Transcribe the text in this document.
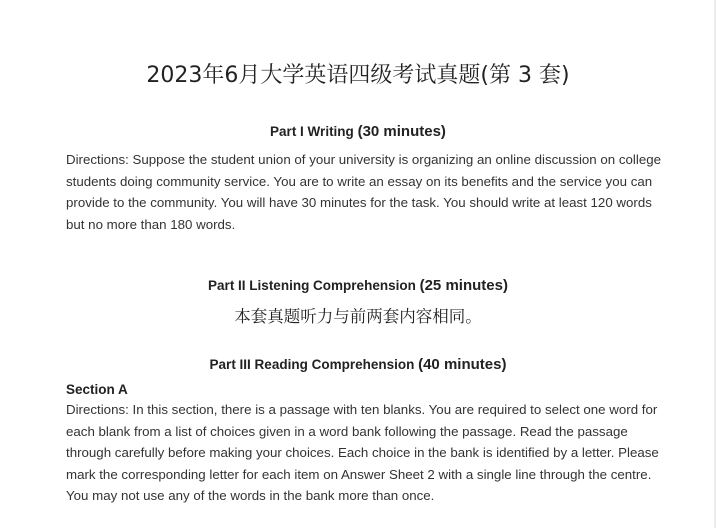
2023年6月大学英语四级考试真题(第 3 套)
Part I Writing (30 minutes)

Directions: Suppose the student union of your university is organizing an online discussion on college students doing community service. You are to write an essay on its benefits and the service you can provide to the community. You will have 30 minutes for the task. You should write at least 120 words but no more than 180 words.

Part II Listening Comprehension (25 minutes)

本套真题听力与前两套内容相同。

Part III Reading Comprehension (40 minutes)

Section A

Directions: In this section, there is a passage with ten blanks. You are required to select one word for each blank from a list of choices given in a word bank following the passage. Read the passage through carefully before making your choices. Each choice in the bank is identified by a letter. Please mark the corresponding letter for each item on Answer Sheet 2 with a single line through the centre. You may not use any of the words in the bank more than once.
